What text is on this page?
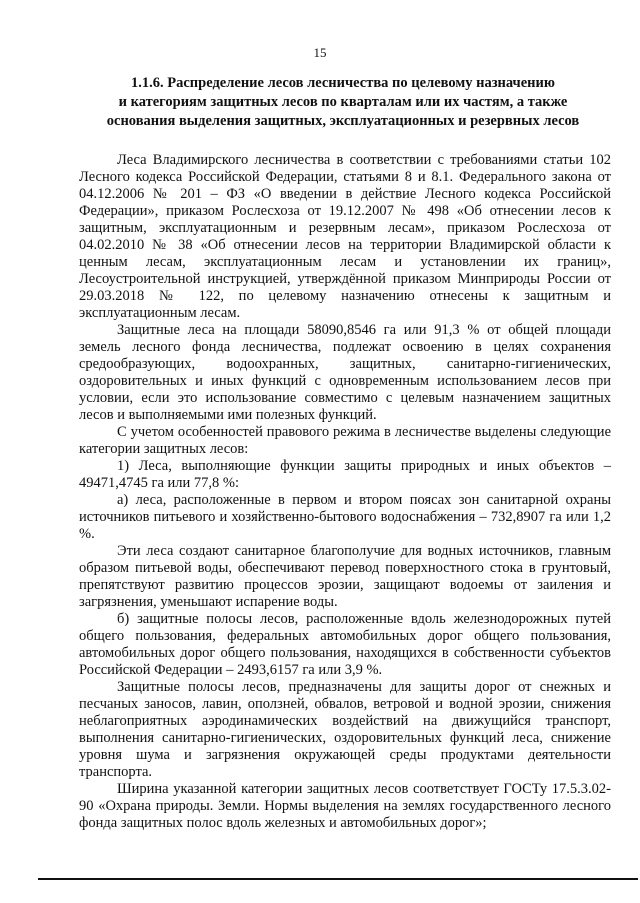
15
1.1.6. Распределение лесов лесничества по целевому назначению
и категориям защитных лесов по кварталам или их частям, а также
основания выделения защитных, эксплуатационных и резервных лесов

Леса Владимирского лесничества в соответствии с требованиями статьи 102 Лесного кодекса Российской Федерации, статьями 8 и 8.1. Федерального закона от 04.12.2006 № 201 – ФЗ «О введении в действие Лесного кодекса Российской Федерации», приказом Рослесхоза от 19.12.2007 № 498 «Об отнесении лесов к защитным, эксплуатационным и резервным лесам», приказом Рослесхоза от 04.02.2010 № 38 «Об отнесении лесов на территории Владимирской области к ценным лесам, эксплуатационным лесам и установлении их границ», Лесоустроительной инструкцией, утверждённой приказом Минприроды России от 29.03.2018 № 122, по целевому назначению отнесены к защитным и эксплуатационным лесам.

Защитные леса на площади 58090,8546 га или 91,3 % от общей площади земель лесного фонда лесничества, подлежат освоению в целях сохранения средообразующих, водоохранных, защитных, санитарно-гигиенических, оздоровительных и иных функций с одновременным использованием лесов при условии, если это использование совместимо с целевым назначением защитных лесов и выполняемыми ими полезных функций.

С учетом особенностей правового режима в лесничестве выделены следующие категории защитных лесов:

1) Леса, выполняющие функции защиты природных и иных объектов – 49471,4745 га или 77,8 %:

а) леса, расположенные в первом и втором поясах зон санитарной охраны источников питьевого и хозяйственно-бытового водоснабжения – 732,8907 га или 1,2 %.

Эти леса создают санитарное благополучие для водных источников, главным образом питьевой воды, обеспечивают перевод поверхностного стока в грунтовый, препятствуют развитию процессов эрозии, защищают водоемы от заиления и загрязнения, уменьшают испарение воды.

б) защитные полосы лесов, расположенные вдоль железнодорожных путей общего пользования, федеральных автомобильных дорог общего пользования, автомобильных дорог общего пользования, находящихся в собственности субъектов Российской Федерации – 2493,6157 га или 3,9 %.

Защитные полосы лесов, предназначены для защиты дорог от снежных и песчаных заносов, лавин, оползней, обвалов, ветровой и водной эрозии, снижения неблагоприятных аэродинамических воздействий на движущийся транспорт, выполнения санитарно-гигиенических, оздоровительных функций леса, снижение уровня шума и загрязнения окружающей среды продуктами деятельности транспорта.

Ширина указанной категории защитных лесов соответствует ГОСТу 17.5.3.02-90 «Охрана природы. Земли. Нормы выделения на землях государственного лесного фонда защитных полос вдоль железных и автомобильных дорог»;
